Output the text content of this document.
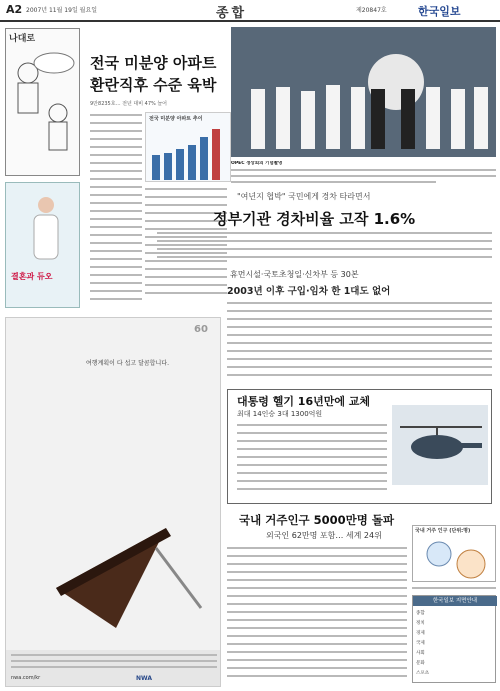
A2 2007년 11월 19일 월요일	종합	제20847호	한국일보
나대로
결혼과 듀오
전국 미분양 아파트
환란직후 수준 육박
9만8235호… 전년 대비 47% 늘어
전국 미분양 아파트 추이
OPEC 정상회의 기념촬영
"여년지 협박" 국민에게 경차 타라면서
정부기관 경차비율 고작 1.6%
휴먼시설·국토초청일·신차부 등 30본
2003년 이후 구입·임차 한 1대도 없어
대통령 헬기 16년만에 교체
최대 14인승 3대 1300억원
국내 거주인구 5000만명 돌파
외국인 62만명 포함… 세계 24위	국내 거주 인구 (단위:명)
한국일보 지면안내
종합
정치
경제
국제
사회
문화
스포츠
60
여행계획이 다 섭고 달콤합니다.
nwa.com/kr	NWA
